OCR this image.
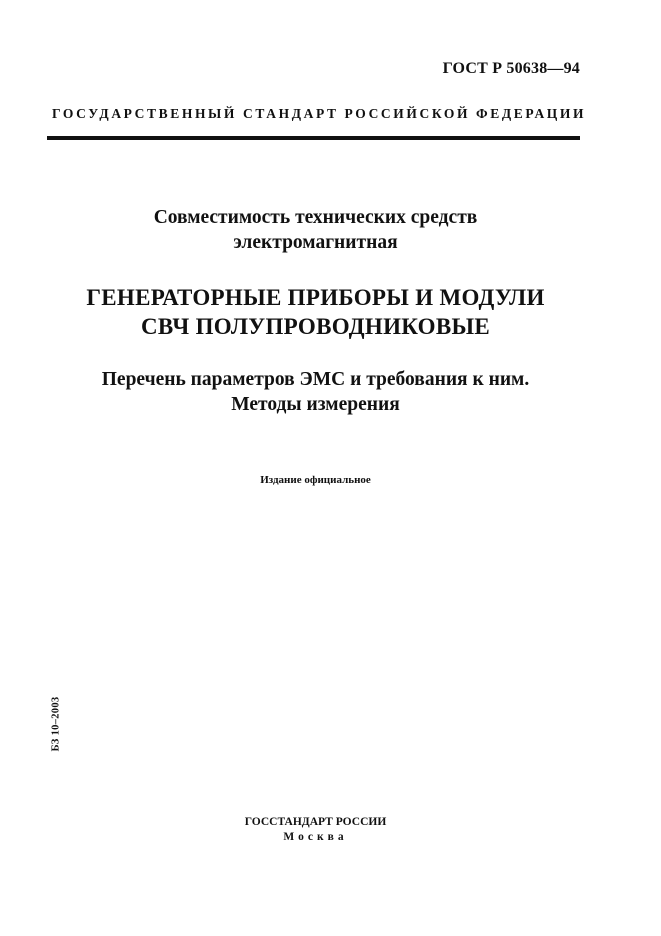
ГОСТ Р 50638—94
ГОСУДАРСТВЕННЫЙ СТАНДАРТ РОССИЙСКОЙ ФЕДЕРАЦИИ
Совместимость технических средств
электромагнитная
ГЕНЕРАТОРНЫЕ ПРИБОРЫ И МОДУЛИ
СВЧ ПОЛУПРОВОДНИКОВЫЕ
Перечень параметров ЭМС и требования к ним.
Методы измерения
Издание официальное
БЗ 10–2003
ГОССТАНДАРТ РОССИИ
Москва
